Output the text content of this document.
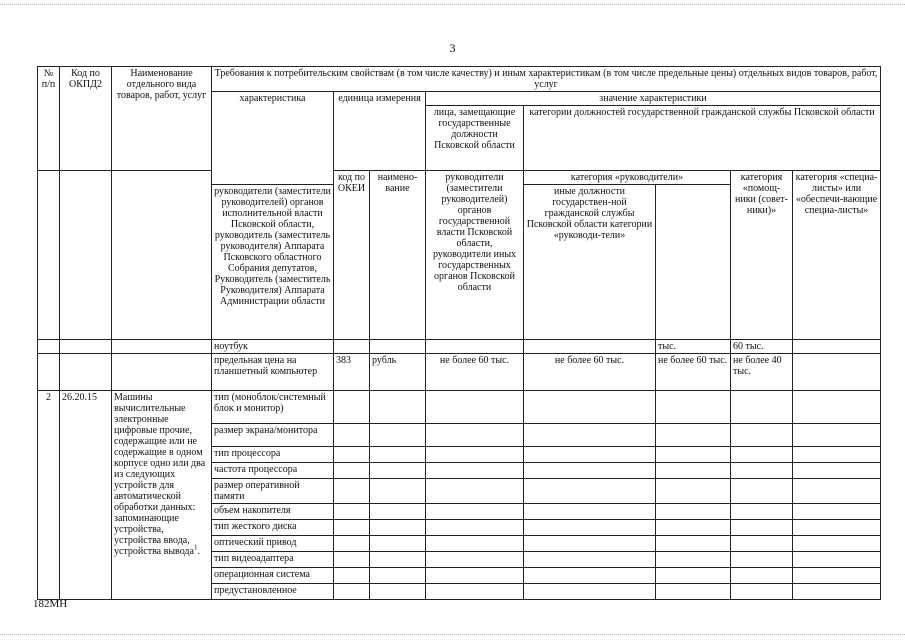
3
№ п/п	Код по ОКПД2	Наименование отдельного вида товаров, работ, услуг	Требования к потребительским свойствам (в том числе качеству) и иным характеристикам (в том числе предельные цены) отдельных видов товаров, работ, услуг							
			характеристика	единица измерения		значение характеристики				
						лица, замещающие государственные должности Псковской области	категории должностей государственной гражданской службы Псковской области			
				код по ОКЕИ	наимено-вание	руководители (заместители руководителей) органов государственной власти Псковской области, руководители иных государственных органов Псковской области	категория «руководители»		категория «помощ-ники (совет-ники)»	категория «специа-листы» или «обеспечи-вающие специа-листы»
			руководители (заместители руководителей) органов исполнительной власти Псковской области, руководитель (заместитель руководителя) Аппарата Псковского областного Собрания депутатов, Руководитель (заместитель Руководителя) Аппарата Администрации области				иные должности государствен-ной гражданской службы Псковской области категории «руководи-тели»			
			ноутбук					тыс.	60 тыс.	
			предельная цена на планшетный компьютер	383	рубль	не более 60 тыс.	не более 60 тыс.	не более 60 тыс.	не более 40 тыс.	
2	26.20.15	Машины вычислительные электронные цифровые прочие, содержащие или не содержащие в одном корпусе одно или два из следующих устройств для автоматической обработки данных: запоминающие устройства, устройства ввода, устройства вывода$^1$.	тип (моноблок/системный блок и монитор)							
			размер экрана/монитора							
			тип процессора							
			частота процессора							
			размер оперативной памяти							
			объем накопителя							
			тип жесткого диска							
			оптический привод							
			тип видеоадаптера							
			операционная система							
			предустановленное							
182МН
